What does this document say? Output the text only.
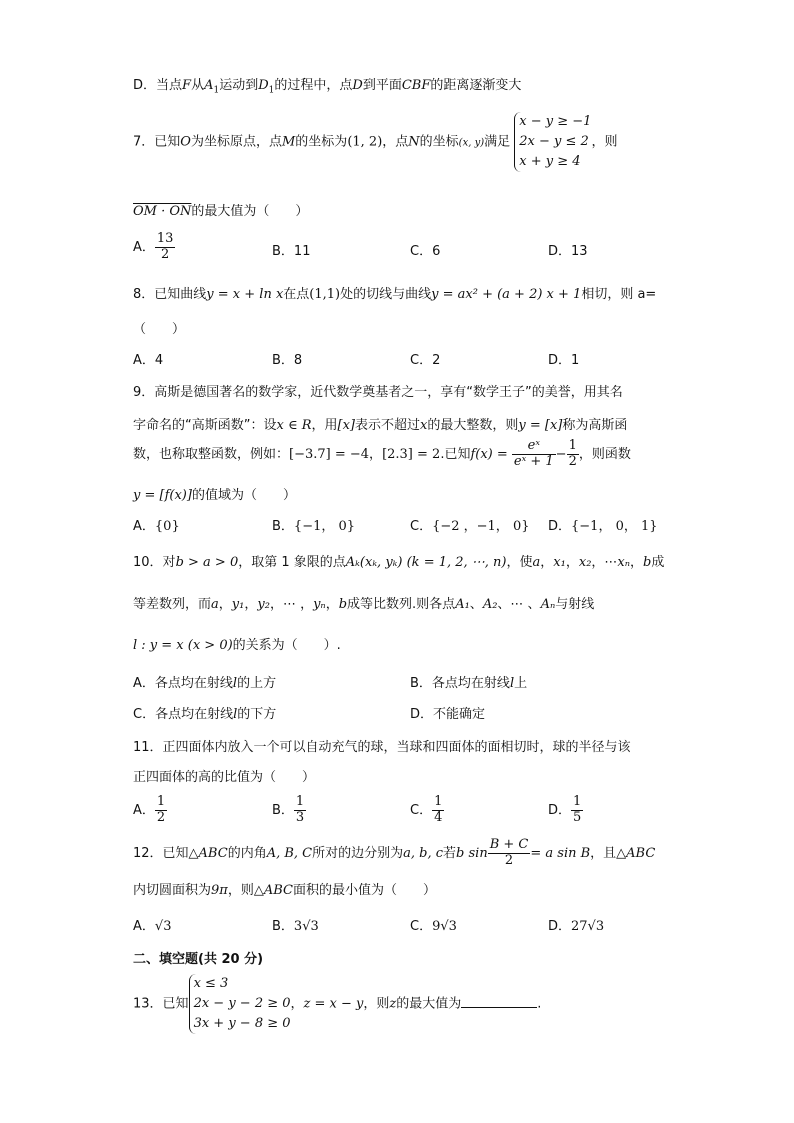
D．当点F从$A_1$运动到$D_1$的过程中，点D到平面CBF的距离逐渐变大
7．已知O为坐标原点，点M的坐标为(1, 2)，点N的坐标(x, y)满足
x − y ≥ −1
2x − y ≤ 2
x + y ≥ 4
，则
OM · ON的最大值为（　　）
A． $\frac{13}{2}$	B．11	C．6	D．13
8．已知曲线y = x + ln x在点(1,1)处的切线与曲线y = ax² + (a + 2) x + 1相切，则 a=
（　　）
A．4	B．8	C．2	D．1
9．高斯是德国著名的数学家，近代数学奠基者之一，享有“数学王子”的美誉，用其名
字命名的“高斯函数”：设x ∈ R，用[x]表示不超过x的最大整数，则y = [x]称为高斯函
数，也称取整函数，例如：[−3.7] = −4，[2.3] = 2.已知$f(x) = \frac{\text{eˣ}}{\text{eˣ + 1}} - \frac{1}{2}$ ，则函数
y = [f(x)]的值域为（　　）
A．{0}	B．{−1， 0}	C．{−2 ，−1， 0} D．{−1， 0， 1}
10．对b > a > 0，取第 1 象限的点Aₖ(xₖ, yₖ) (k = 1, 2, ⋯, n)，使a，x₁，x₂，⋯xₙ，b成
等差数列，而a，y₁，y₂，⋯ ，yₙ，b成等比数列.则各点A₁、A₂、⋯ 、Aₙ与射线
l : y = x (x > 0)的关系为（　　）.
A．各点均在射线l的上方	B．各点均在射线l上
C．各点均在射线l的下方	D．不能确定
11．正四面体内放入一个可以自动充气的球，当球和四面体的面相切时，球的半径与该
正四面体的高的比值为（　　）
A． $\frac{1}{2}$	B． $\frac{1}{3}$	C． $\frac{1}{4}$	D． $\frac{1}{5}$
12．已知△ABC的内角A, B, C所对的边分别为a, b, c若b $\sin \frac{B + C}{2} = a$ sin B，且△ABC
内切圆面积为9π，则△ABC面积的最小值为（　　）
A．√3	B．3√3	C．9√3	D．27√3
二、填空题(共 20 分)
13．已知
x ≤ 3
2x − y − 2 ≥ 0
3x + y − 8 ≥ 0
，z = x − y，则z的最大值为	.
